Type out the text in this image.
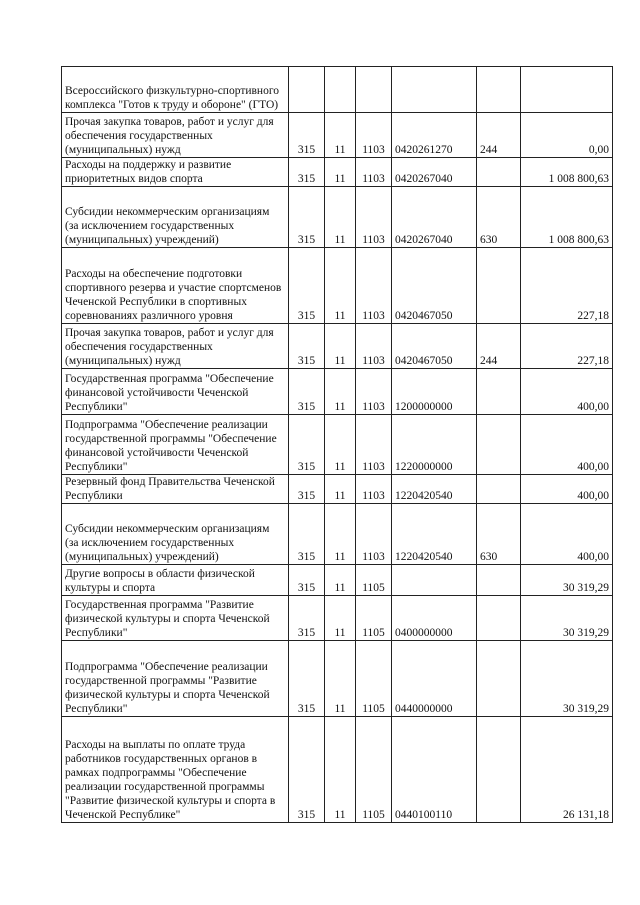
Всероссийского физкультурно-спортивного комплекса "Готов к труду и обороне" (ГТО)						
Прочая закупка товаров, работ и услуг для обеспечения государственных (муниципальных) нужд	315	11	1103	0420261270	244	0,00
Расходы на поддержку и развитие приоритетных видов спорта	315	11	1103	0420267040		1 008 800,63
Субсидии некоммерческим организациям (за исключением государственных (муниципальных) учреждений)	315	11	1103	0420267040	630	1 008 800,63
Расходы на обеспечение подготовки спортивного резерва и участие спортсменов Чеченской Республики в спортивных соревнованиях различного уровня	315	11	1103	0420467050		227,18
Прочая закупка товаров, работ и услуг для обеспечения государственных (муниципальных) нужд	315	11	1103	0420467050	244	227,18
Государственная программа "Обеспечение финансовой устойчивости Чеченской Республики"	315	11	1103	1200000000		400,00
Подпрограмма "Обеспечение реализации государственной программы "Обеспечение финансовой устойчивости Чеченской Республики"	315	11	1103	1220000000		400,00
Резервный фонд Правительства Чеченской Республики	315	11	1103	1220420540		400,00
Субсидии некоммерческим организациям (за исключением государственных (муниципальных) учреждений)	315	11	1103	1220420540	630	400,00
Другие вопросы в области физической культуры и спорта	315	11	1105			30 319,29
Государственная программа "Развитие физической культуры и спорта Чеченской Республики"	315	11	1105	0400000000		30 319,29
Подпрограмма "Обеспечение реализации государственной программы "Развитие физической культуры и спорта Чеченской Республики"	315	11	1105	0440000000		30 319,29
Расходы на выплаты по оплате труда работников государственных органов в рамках подпрограммы "Обеспечение реализации государственной программы "Развитие физической культуры и спорта в Чеченской Республике"	315	11	1105	0440100110		26 131,18
